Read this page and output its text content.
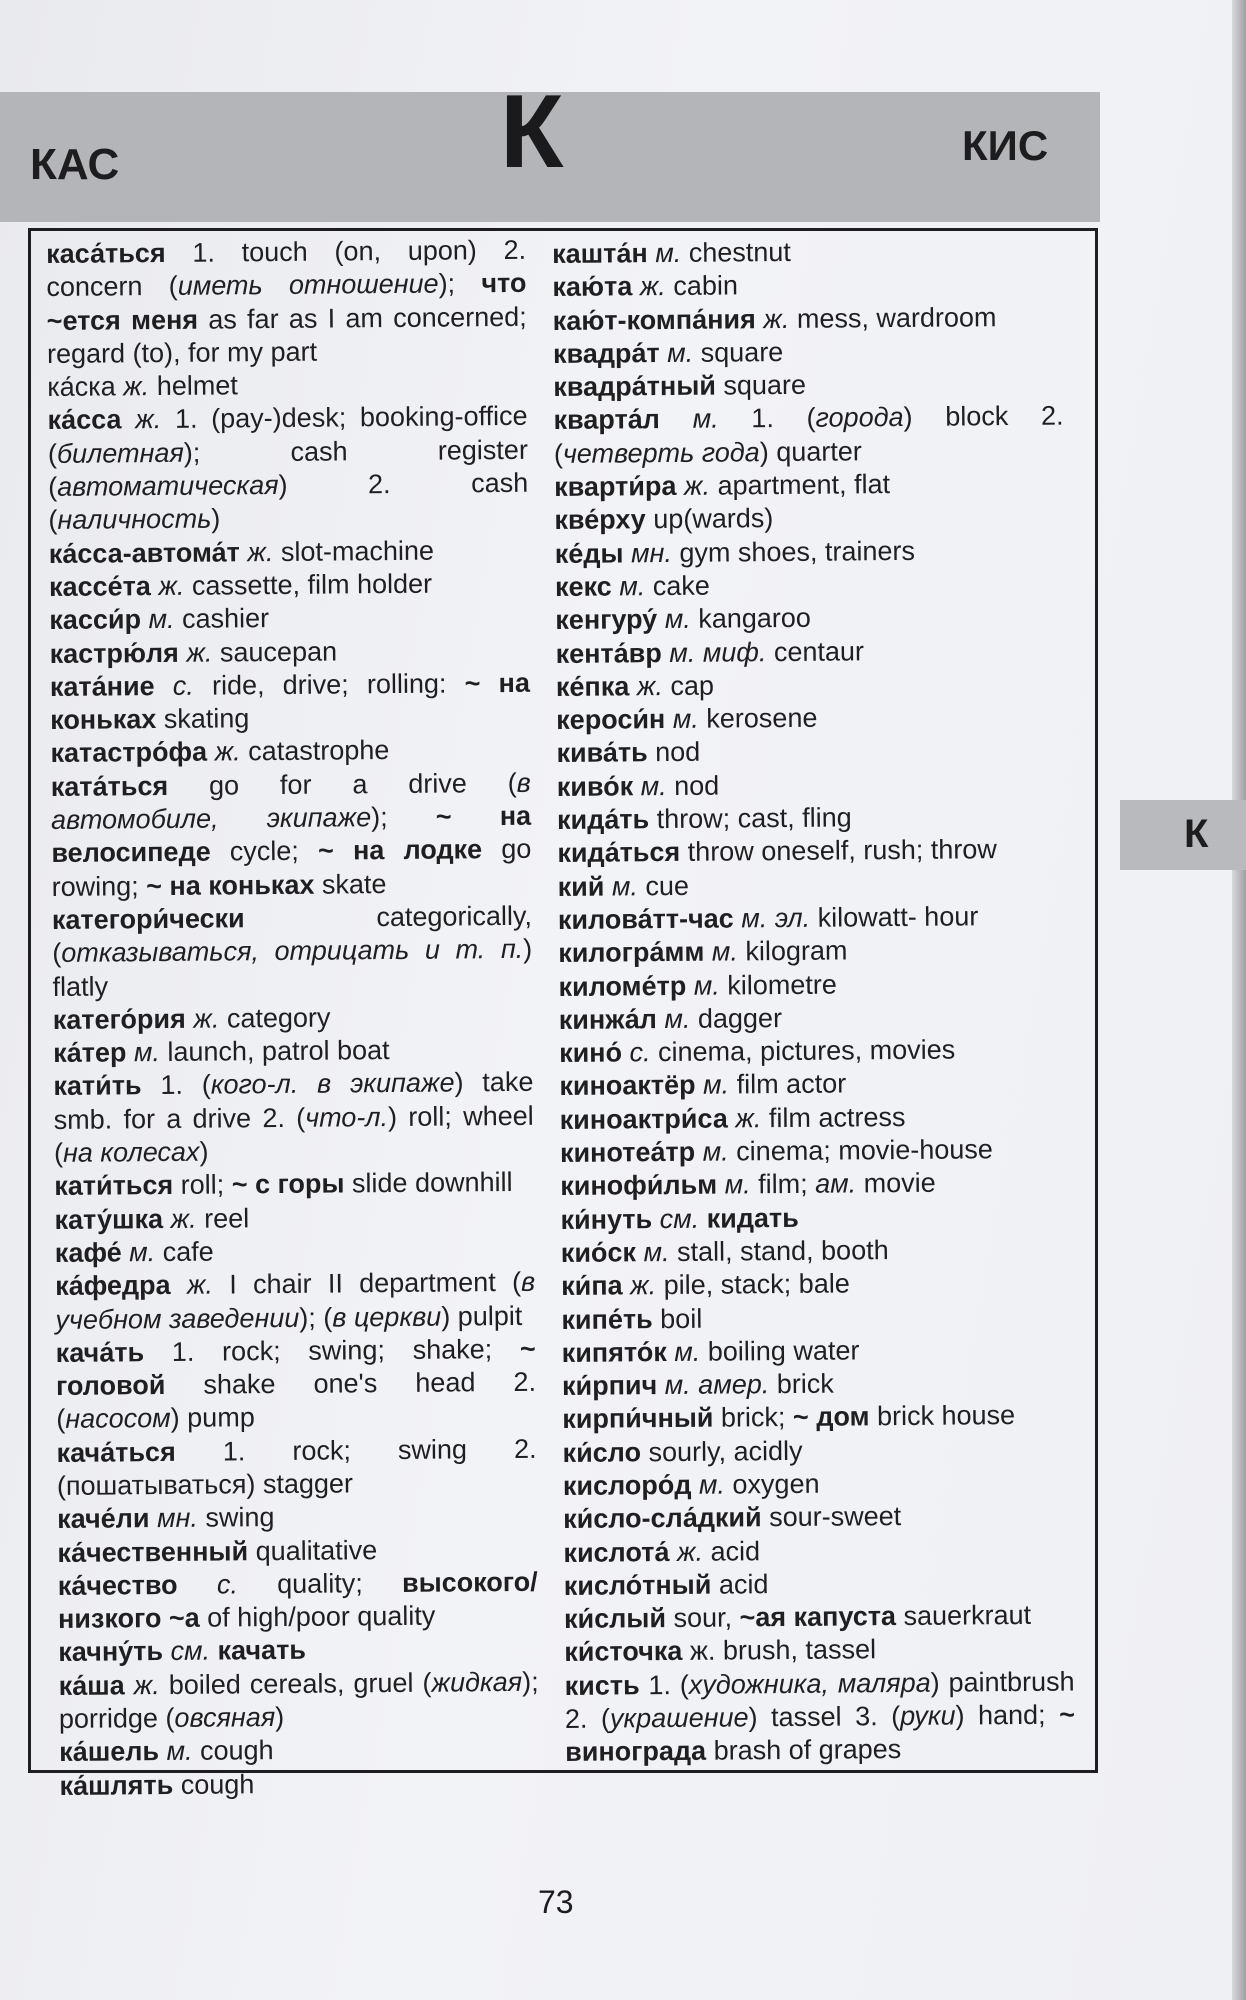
КАС	К	КИС
К

каса́ться 1. touch (on, upon) 2. concern (иметь отношение); что ~ется меня as far as I am concerned; regard (to), for my part

ка́ска ж. helmet

ка́сса ж. 1. (pay-)desk; booking-office (билетная); cash register (автоматическая) 2. cash (наличность)

ка́сса-автома́т ж. slot-machine

кассе́та ж. cassette, film holder

касси́р м. cashier

кастрю́ля ж. saucepan

ката́ние с. ride, drive; rolling: ~ на коньках skating

катастро́фа ж. catastrophe

ката́ться go for a drive (в автомобиле, экипаже); ~ на велосипеде cycle; ~ на лодке go rowing; ~ на коньках skate

категори́чески categorically, (отказываться, отрицать и т. п.) flatly

катего́рия ж. category

ка́тер м. launch, patrol boat

кати́ть 1. (кого-л. в экипаже) take smb. for a drive 2. (что-л.) roll; wheel (на колесах)

кати́ться roll; ~ с горы slide downhill

кату́шка ж. reel

кафе́ м. cafe

ка́федра ж. I chair II department (в учебном заведении); (в церкви) pulpit

кача́ть 1. rock; swing; shake; ~ головой shake one's head 2. (насосом) pump

кача́ться 1. rock; swing 2. (пошатываться) stagger

каче́ли мн. swing

ка́чественный qualitative

ка́чество с. quality; высокого/низкого ~а of high/poor quality

качну́ть см. качать

ка́ша ж. boiled cereals, gruel (жидкая); porridge (овсяная)

ка́шель м. cough

ка́шлять cough

кашта́н м. chestnut

каю́та ж. cabin

каю́т-компа́ния ж. mess, wardroom

квадра́т м. square

квадра́тный square

кварта́л м. 1. (города) block 2. (четверть года) quarter

кварти́ра ж. apartment, flat

кве́рху up(wards)

ке́ды мн. gym shoes, trainers

кекс м. cake

кенгуру́ м. kangaroo

кента́вр м. миф. centaur

ке́пка ж. cap

кероси́н м. kerosene

кива́ть nod

киво́к м. nod

кида́ть throw; cast, fling

кида́ться throw oneself, rush; throw

кий м. cue

килова́тт-час м. эл. kilowatt- hour

килогра́мм м. kilogram

киломе́тр м. kilometre

кинжа́л м. dagger

кино́ с. cinema, pictures, movies

киноактёр м. film actor

киноактри́са ж. film actress

кинотеа́тр м. cinema; movie-house

кинофи́льм м. film; ам. movie

ки́нуть см. кидать

кио́ск м. stall, stand, booth

ки́па ж. pile, stack; bale

кипе́ть boil

кипято́к м. boiling water

ки́рпич м. амер. brick

кирпи́чный brick; ~ дом brick house

ки́сло sourly, acidly

кислоро́д м. oxygen

ки́сло-сла́дкий sour-sweet

кислота́ ж. acid

кисло́тный acid

ки́слый sour, ~ая капуста sauerkraut

ки́сточка ж. brush, tassel

кисть 1. (художника, маляра) paintbrush 2. (украшение) tassel 3. (руки) hand; ~ винограда brash of grapes

73
